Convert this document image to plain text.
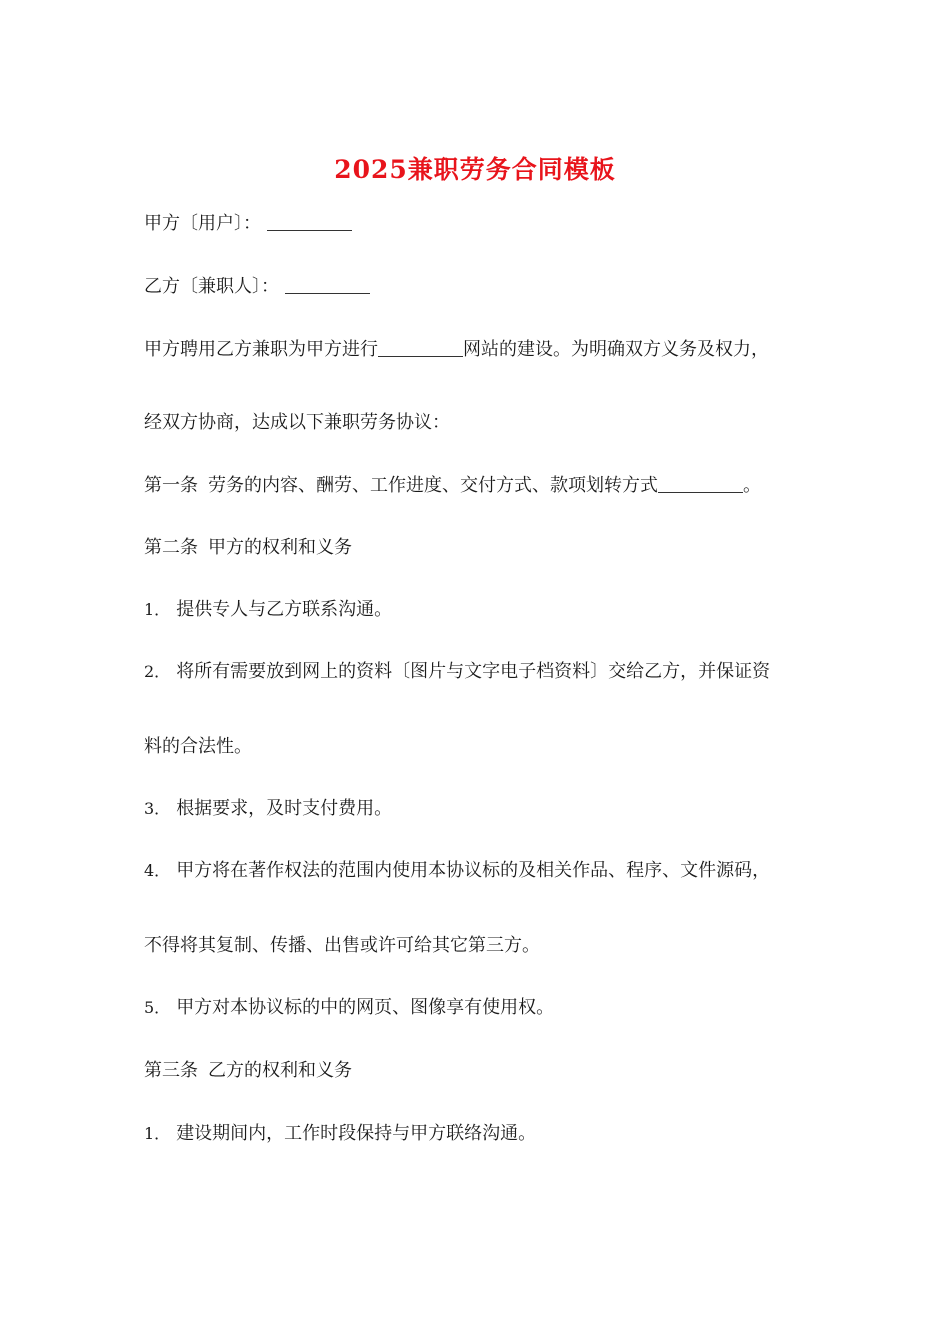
2025兼职劳务合同模板
甲方〔用户〕：
乙方〔兼职人〕：
甲方聘用乙方兼职为甲方进行	网站的建设。为明确双方义务及权力，
经双方协商，达成以下兼职劳务协议：
第一条 劳务的内容、酬劳、工作进度、交付方式、款项划转方式	。
第二条 甲方的权利和义务
1． 提供专人与乙方联系沟通。
2． 将所有需要放到网上的资料〔图片与文字电子档资料〕交给乙方，并保证资
料的合法性。
3． 根据要求，及时支付费用。
4． 甲方将在著作权法的范围内使用本协议标的及相关作品、程序、文件源码，
不得将其复制、传播、出售或许可给其它第三方。
5． 甲方对本协议标的中的网页、图像享有使用权。
第三条 乙方的权利和义务
1． 建设期间内，工作时段保持与甲方联络沟通。
